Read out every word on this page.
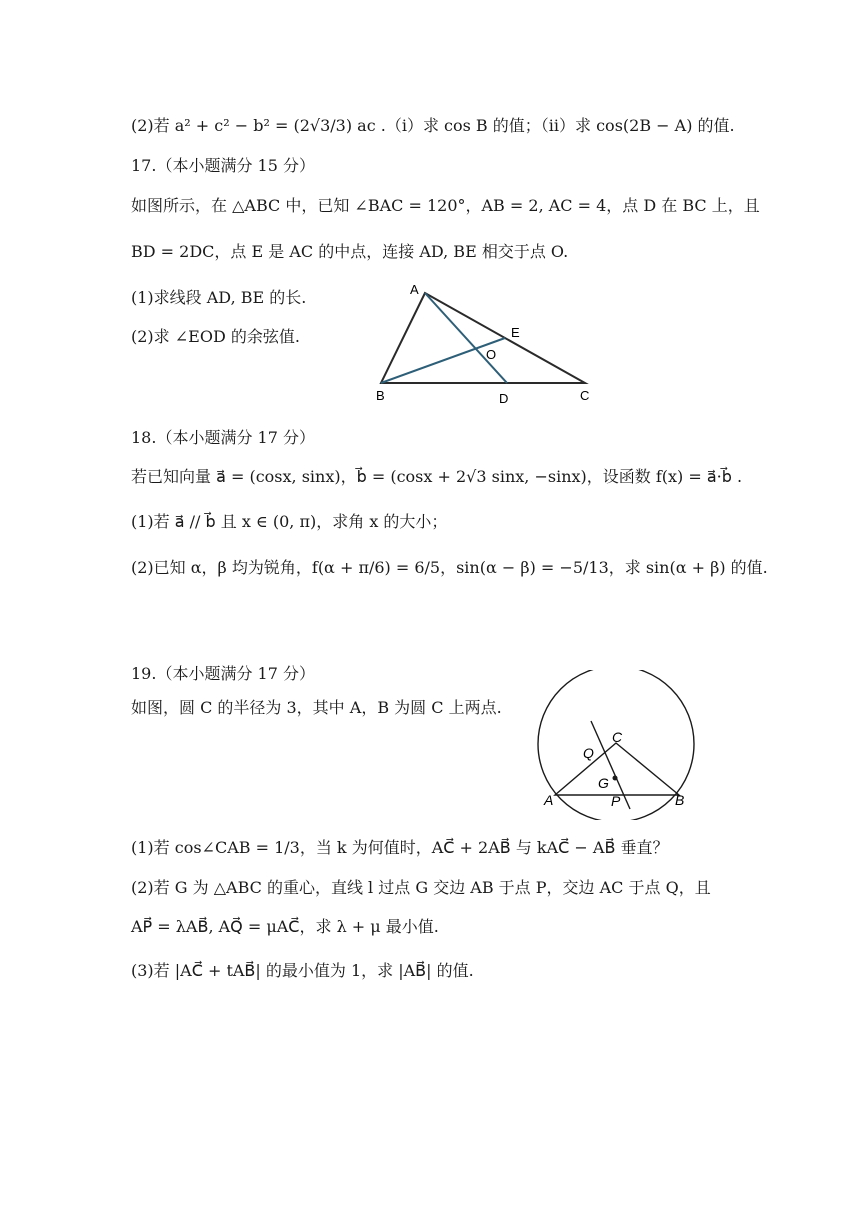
(2)若 a² + c² − b² = (2√3/3) ac .（i）求 cos B 的值；（ii）求 cos(2B − A) 的值.
17.（本小题满分 15 分）
如图所示，在 △ABC 中，已知 ∠BAC = 120°，AB = 2, AC = 4，点 D 在 BC 上，且
BD = 2DC，点 E 是 AC 的中点，连接 AD, BE 相交于点 O.
(1)求线段 AD, BE 的长.
(2)求 ∠EOD 的余弦值.
A
B	C
D
E
O
18.（本小题满分 17 分）
若已知向量 a⃗ = (cosx, sinx)，b⃗ = (cosx + 2√3 sinx, −sinx)，设函数 f(x) = a⃗·b⃗ .
(1)若 a⃗ // b⃗ 且 x ∈ (0, π)，求角 x 的大小；
(2)已知 α，β 均为锐角，f(α + π/6) = 6/5，sin(α − β) = −5/13，求 sin(α + β) 的值.
19.（本小题满分 17 分）
如图，圆 C 的半径为 3，其中 A，B 为圆 C 上两点.
C
Q
G
A	P	B
(1)若 cos∠CAB = 1/3，当 k 为何值时，AC⃗ + 2AB⃗ 与 kAC⃗ − AB⃗ 垂直？
(2)若 G 为 △ABC 的重心，直线 l 过点 G 交边 AB 于点 P，交边 AC 于点 Q，且
AP⃗ = λAB⃗, AQ⃗ = μAC⃗，求 λ + μ 最小值.
(3)若 |AC⃗ + tAB⃗| 的最小值为 1，求 |AB⃗| 的值.
